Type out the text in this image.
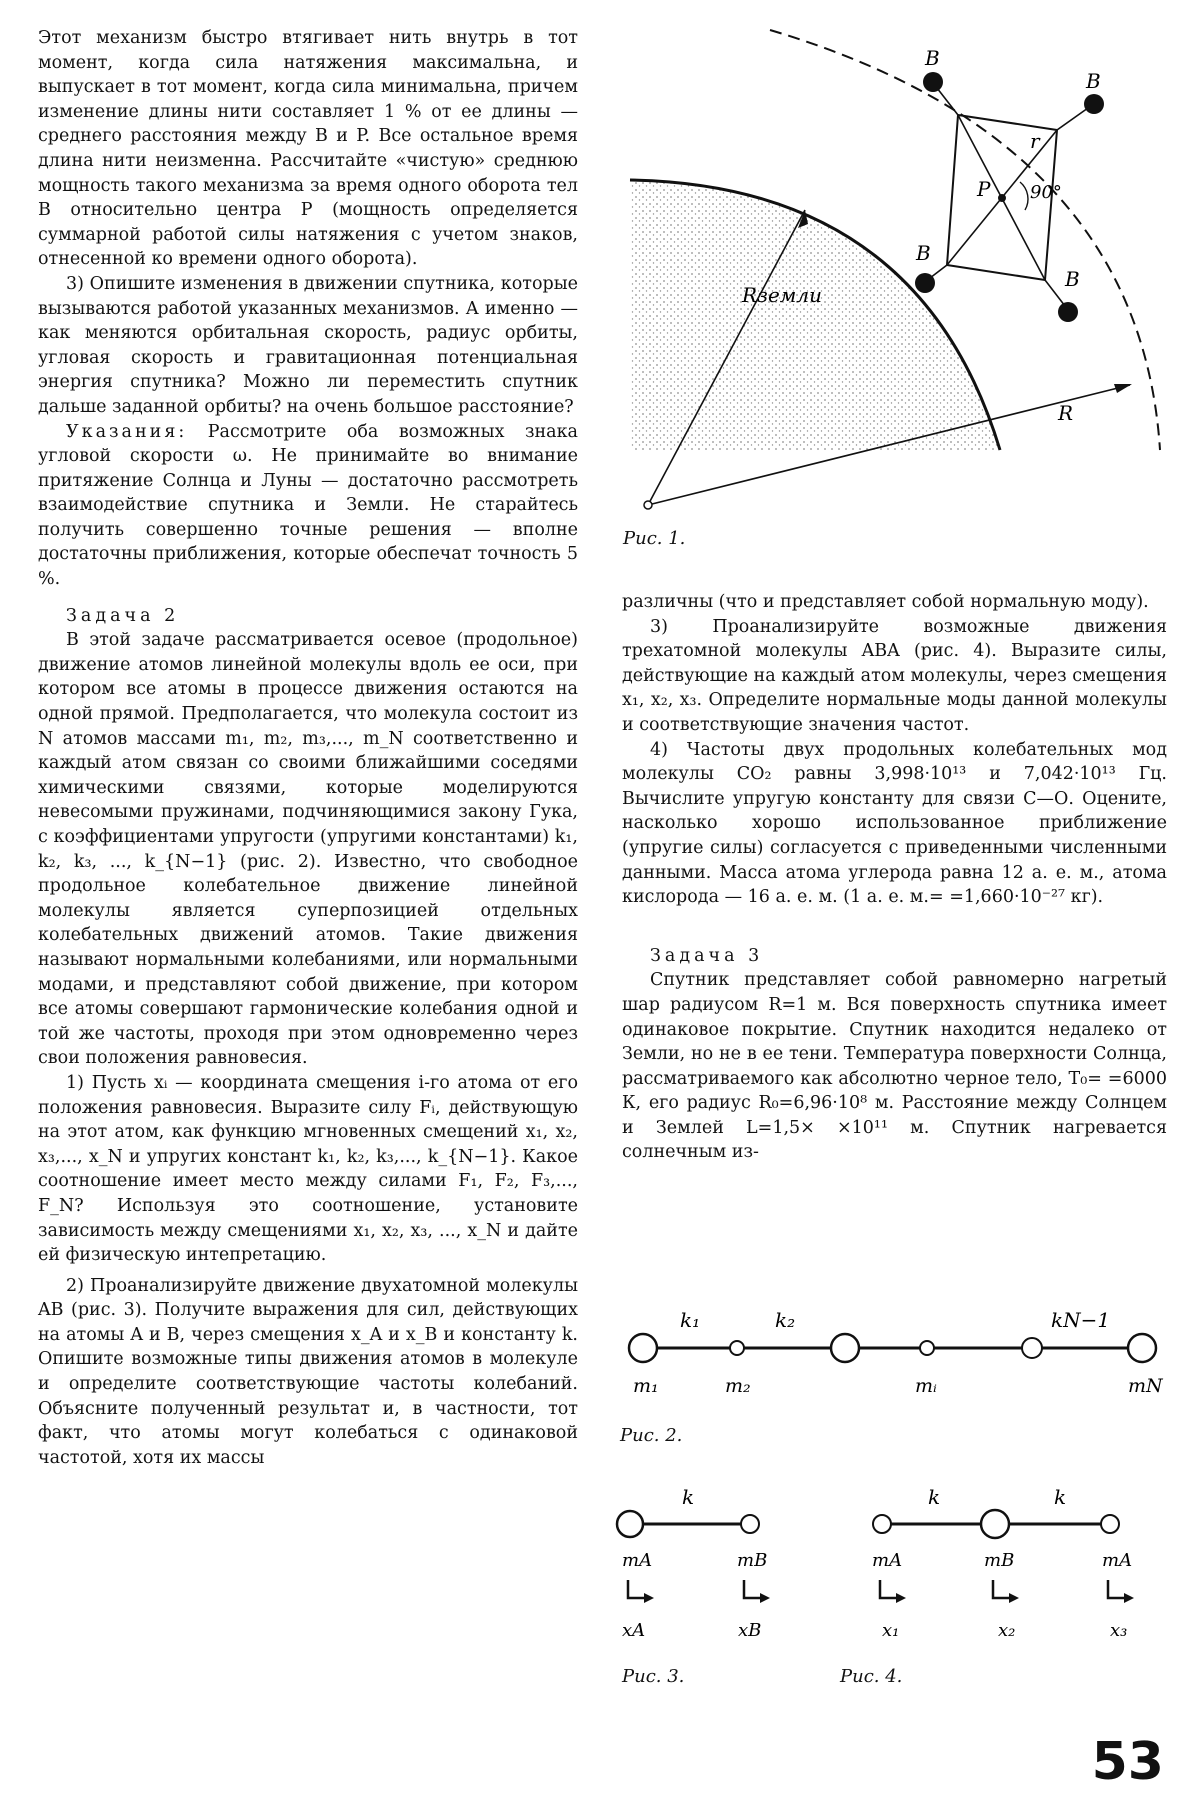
Этот механизм быстро втягивает нить внутрь в тот момент, когда сила натяжения максимальна, и выпускает в тот момент, когда сила минимальна, причем изменение длины нити составляет 1 % от ее длины — среднего расстояния между B и P. Все остальное время длина нити неизменна. Рассчитайте «чистую» среднюю мощность такого механизма за время одного оборота тел B относительно центра P (мощность определяется суммарной работой силы натяжения с учетом знаков, отнесенной ко времени одного оборота).

3) Опишите изменения в движении спутника, которые вызываются работой указанных механизмов. А именно — как меняются орбитальная скорость, радиус орбиты, угловая скорость и гравитационная потенциальная энергия спутника? Можно ли переместить спутник дальше заданной орбиты? на очень большое расстояние?

Указания: Рассмотрите оба возможных знака угловой скорости ω. Не принимайте во внимание притяжение Солнца и Луны — достаточно рассмотреть взаимодействие спутника и Земли. Не старайтесь получить совершенно точные решения — вполне достаточны приближения, которые обеспечат точность 5 %.

Задача 2

В этой задаче рассматривается осевое (продольное) движение атомов линейной молекулы вдоль ее оси, при котором все атомы в процессе движения остаются на одной прямой. Предполагается, что молекула состоит из N атомов массами m₁, m₂, m₃,..., m_N соответственно и каждый атом связан со своими ближайшими соседями химическими связями, которые моделируются невесомыми пружинами, подчиняющимися закону Гука, с коэффициентами упругости (упругими константами) k₁, k₂, k₃, ..., k_{N−1} (рис. 2). Известно, что свободное продольное колебательное движение линейной молекулы является суперпозицией отдельных колебательных движений атомов. Такие движения называют нормальными колебаниями, или нормальными модами, и представляют собой движение, при котором все атомы совершают гармонические колебания одной и той же частоты, проходя при этом одновременно через свои положения равновесия.

1) Пусть xᵢ — координата смещения i-го атома от его положения равновесия. Выразите силу Fᵢ, действующую на этот атом, как функцию мгновенных смещений x₁, x₂, x₃,..., x_N и упругих констант k₁, k₂, k₃,..., k_{N−1}. Какое соотношение имеет место между силами F₁, F₂, F₃,..., F_N? Используя это соотношение, установите зависимость между смещениями x₁, x₂, x₃, ..., x_N и дайте ей физическую интепретацию.

2) Проанализируйте движение двухатомной молекулы AB (рис. 3). Получите выражения для сил, действующих на атомы A и B, через смещения x_A и x_B и константу k. Опишите возможные типы движения атомов в молекуле и определите соответствующие частоты колебаний. Объясните полученный результат и, в частности, тот факт, что атомы могут колебаться с одинаковой частотой, хотя их массы

B
B
B
B
r
P 90°
Rземли
R
Рис. 1.

различны (что и представляет собой нормальную моду).

3) Проанализируйте возможные движения трехатомной молекулы ABA (рис. 4). Выразите силы, действующие на каждый атом молекулы, через смещения x₁, x₂, x₃. Определите нормальные моды данной молекулы и соответствующие значения частот.

4) Частоты двух продольных колебательных мод молекулы CO₂ равны 3,998·10¹³ и 7,042·10¹³ Гц. Вычислите упругую константу для связи С—О. Оцените, насколько хорошо использованное приближение (упругие силы) согласуется с приведенными численными данными. Масса атома углерода равна 12 а. е. м., атома кислорода — 16 а. е. м. (1 а. е. м.= =1,660·10⁻²⁷ кг).

Задача 3

Спутник представляет собой равномерно нагретый шар радиусом R=1 м. Вся поверхность спутника имеет одинаковое покрытие. Спутник находится недалеко от Земли, но не в ее тени. Температура поверхности Солнца, рассматриваемого как абсолютно черное тело, T₀= =6000 К, его радиус R₀=6,96·10⁸ м. Расстояние между Солнцем и Землей L=1,5× ×10¹¹ м. Спутник нагревается солнечным из-

k₁	k₂	kN−1
m₁	m₂	mᵢ	mN
Рис. 2.
k
mA	mB
xA	xB
Рис. 3.
k	k
mA	mB	mA
x₁	x₂	x₃
Рис. 4.
53
